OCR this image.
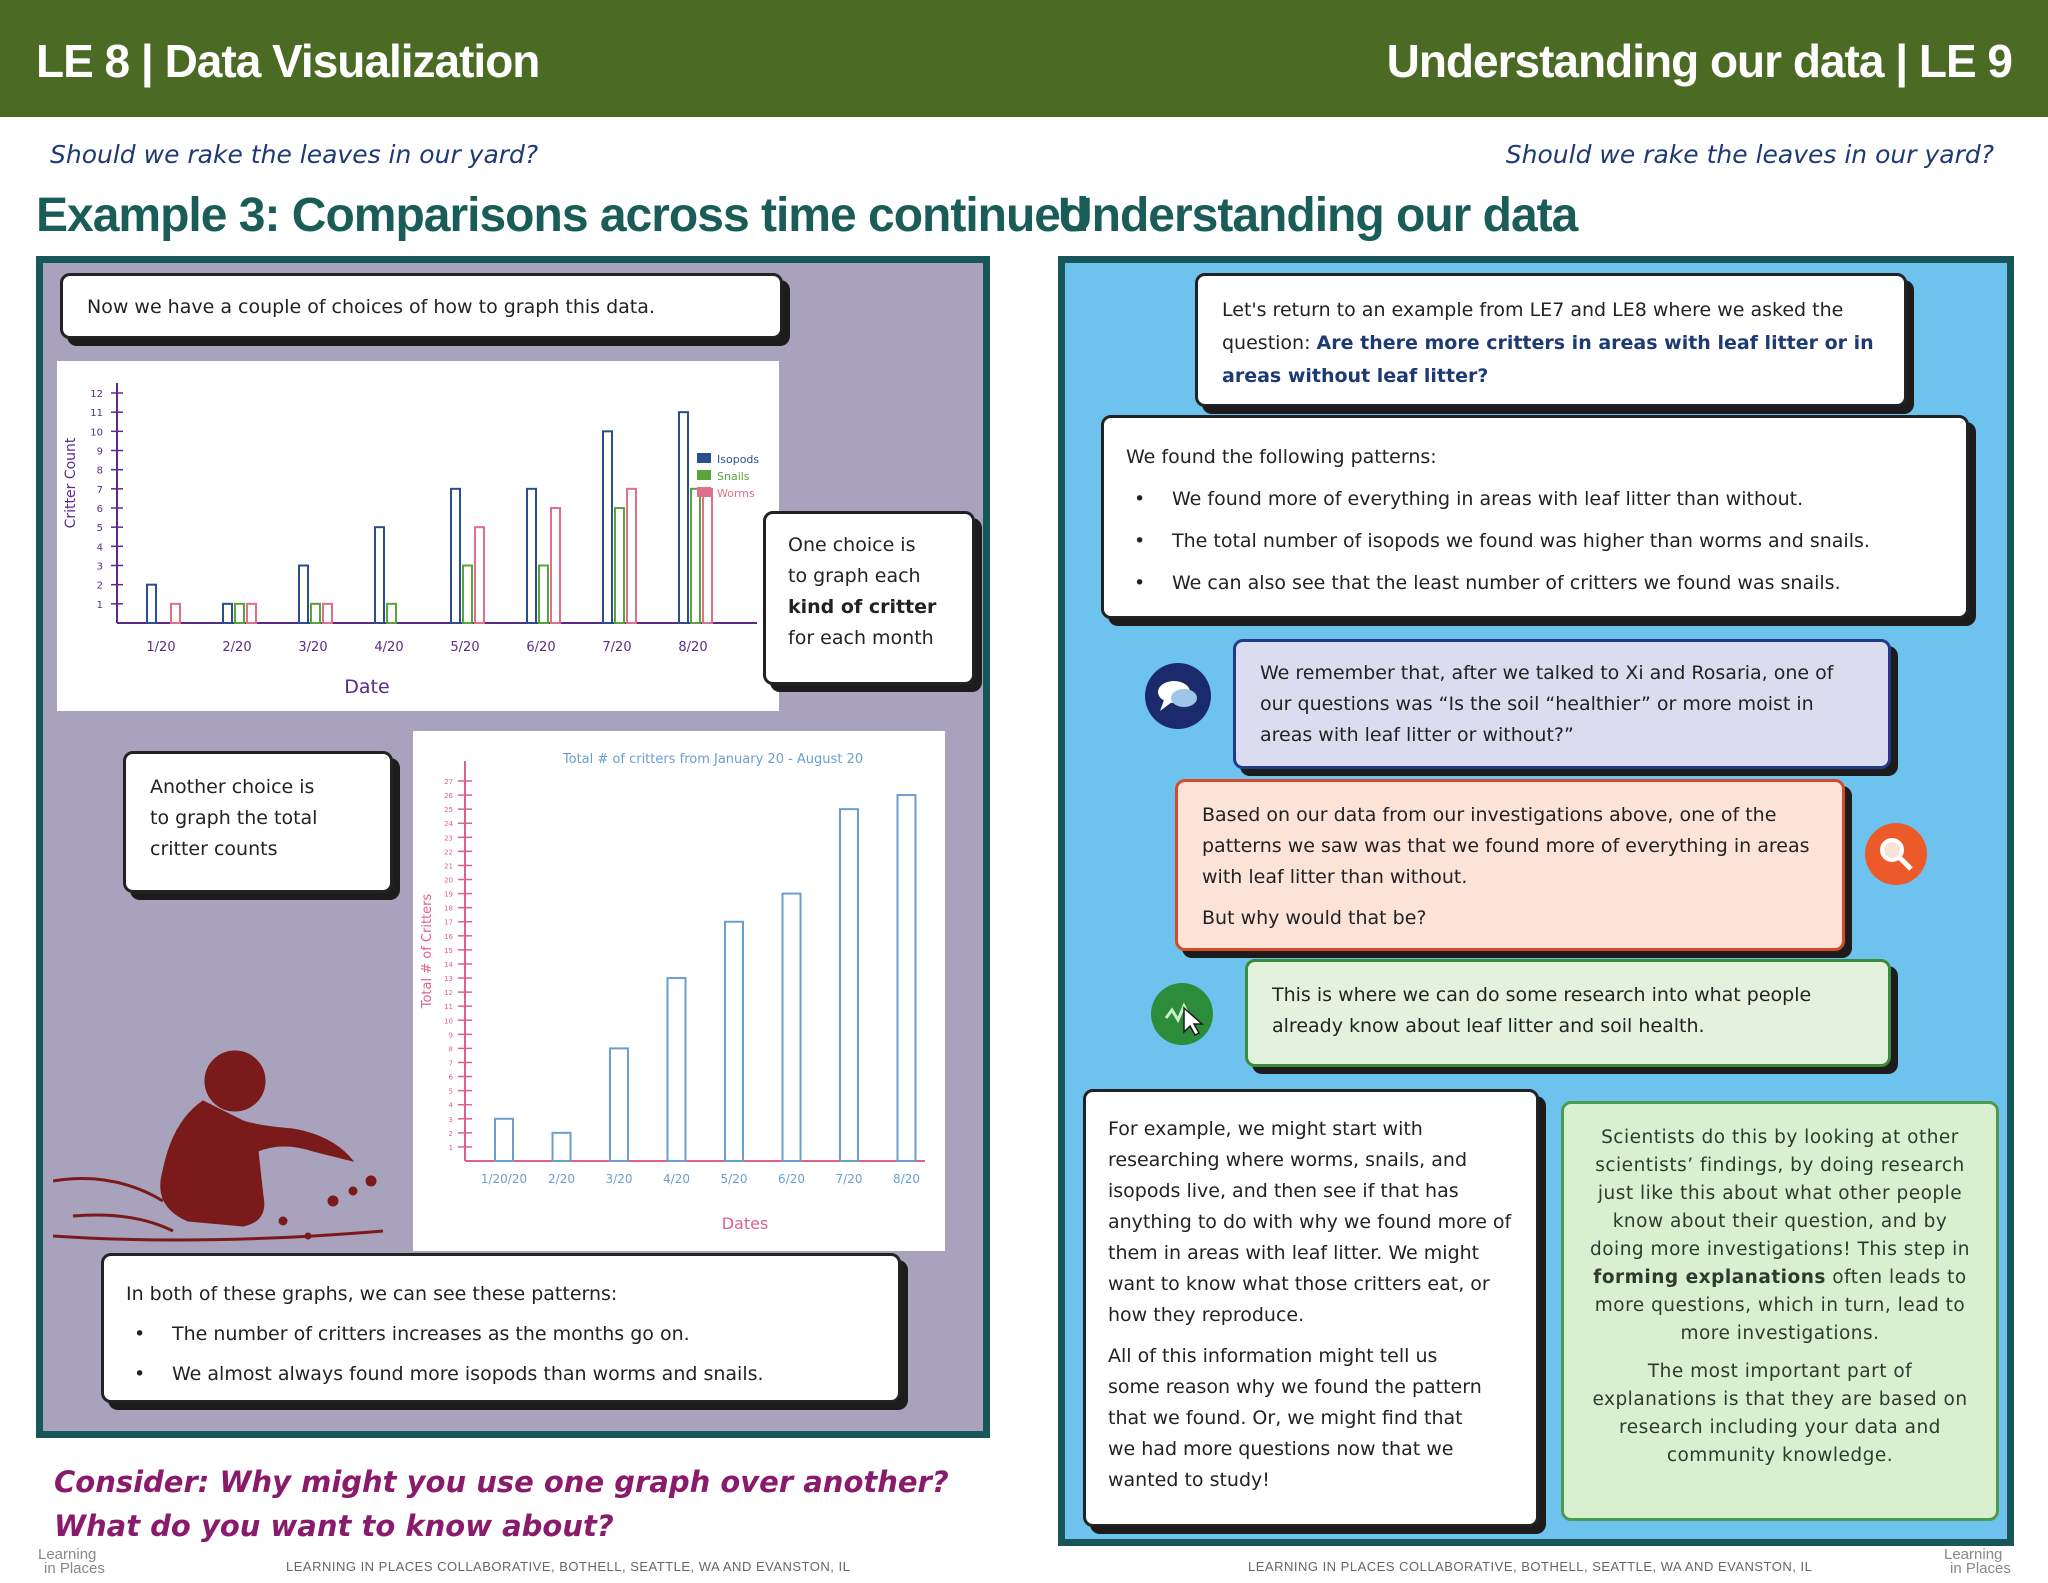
LE 8 | Data Visualization	Understanding our data | LE 9
Should we rake the leaves in our yard?
Example 3: Comparisons across time continued
Now we have a couple of choices of how to graph this data.
1
2
3
4
5
6
7
8
9
10
11
12
1/20	2/20	3/20	4/20	5/20	6/20	7/20	8/20
Date
Critter Count	Isopods
Snails
Worms
One choice is
to graph each
kind of critter
for each month
Another choice is
to graph the total
critter counts
1
2
3
4
5
6
7
8
9
10
11
12
13
14
15
16
17
18
19
20
21
22
23
24
25
26
27
1/20/20 2/20	3/20	4/20	5/20	6/20	7/20	8/20
Dates
Total # of Critters
Total # of critters from January 20 - August 20
In both of these graphs, we can see these patterns:
• The number of critters increases as the months go on.
• We almost always found more isopods than worms and snails.
Consider: Why might you use one graph over another?
What do you want to know about?
Learning
in Places	LEARNING IN PLACES COLLABORATIVE, BOTHELL, SEATTLE, WA AND EVANSTON, IL
Should we rake the leaves in our yard?
Understanding our data
Let's return to an example from LE7 and LE8 where we asked the question: Are there more critters in areas with leaf litter or in areas without leaf litter?
We found the following patterns:
• We found more of everything in areas with leaf litter than without.
• The total number of isopods we found was higher than worms and snails.
• We can also see that the least number of critters we found was snails.
We remember that, after we talked to Xi and Rosaria, one of our questions was “Is the soil “healthier” or more moist in areas with leaf litter or without?”
Based on our data from our investigations above, one of the patterns we saw was that we found more of everything in areas with leaf litter than without.
But why would that be?
This is where we can do some research into what people already know about leaf litter and soil health.
For example, we might start with researching where worms, snails, and isopods live, and then see if that has anything to do with why we found more of them in areas with leaf litter. We might want to know what those critters eat, or how they reproduce.
All of this information might tell us some reason why we found the pattern that we found. Or, we might find that we had more questions now that we wanted to study!
Scientists do this by looking at other scientists’ findings, by doing research just like this about what other people know about their question, and by doing more investigations! This step in forming explanations often leads to more questions, which in turn, lead to more investigations.
The most important part of explanations is that they are based on research including your data and community knowledge.
LEARNING IN PLACES COLLABORATIVE, BOTHELL, SEATTLE, WA AND EVANSTON, IL
Learning
in Places
